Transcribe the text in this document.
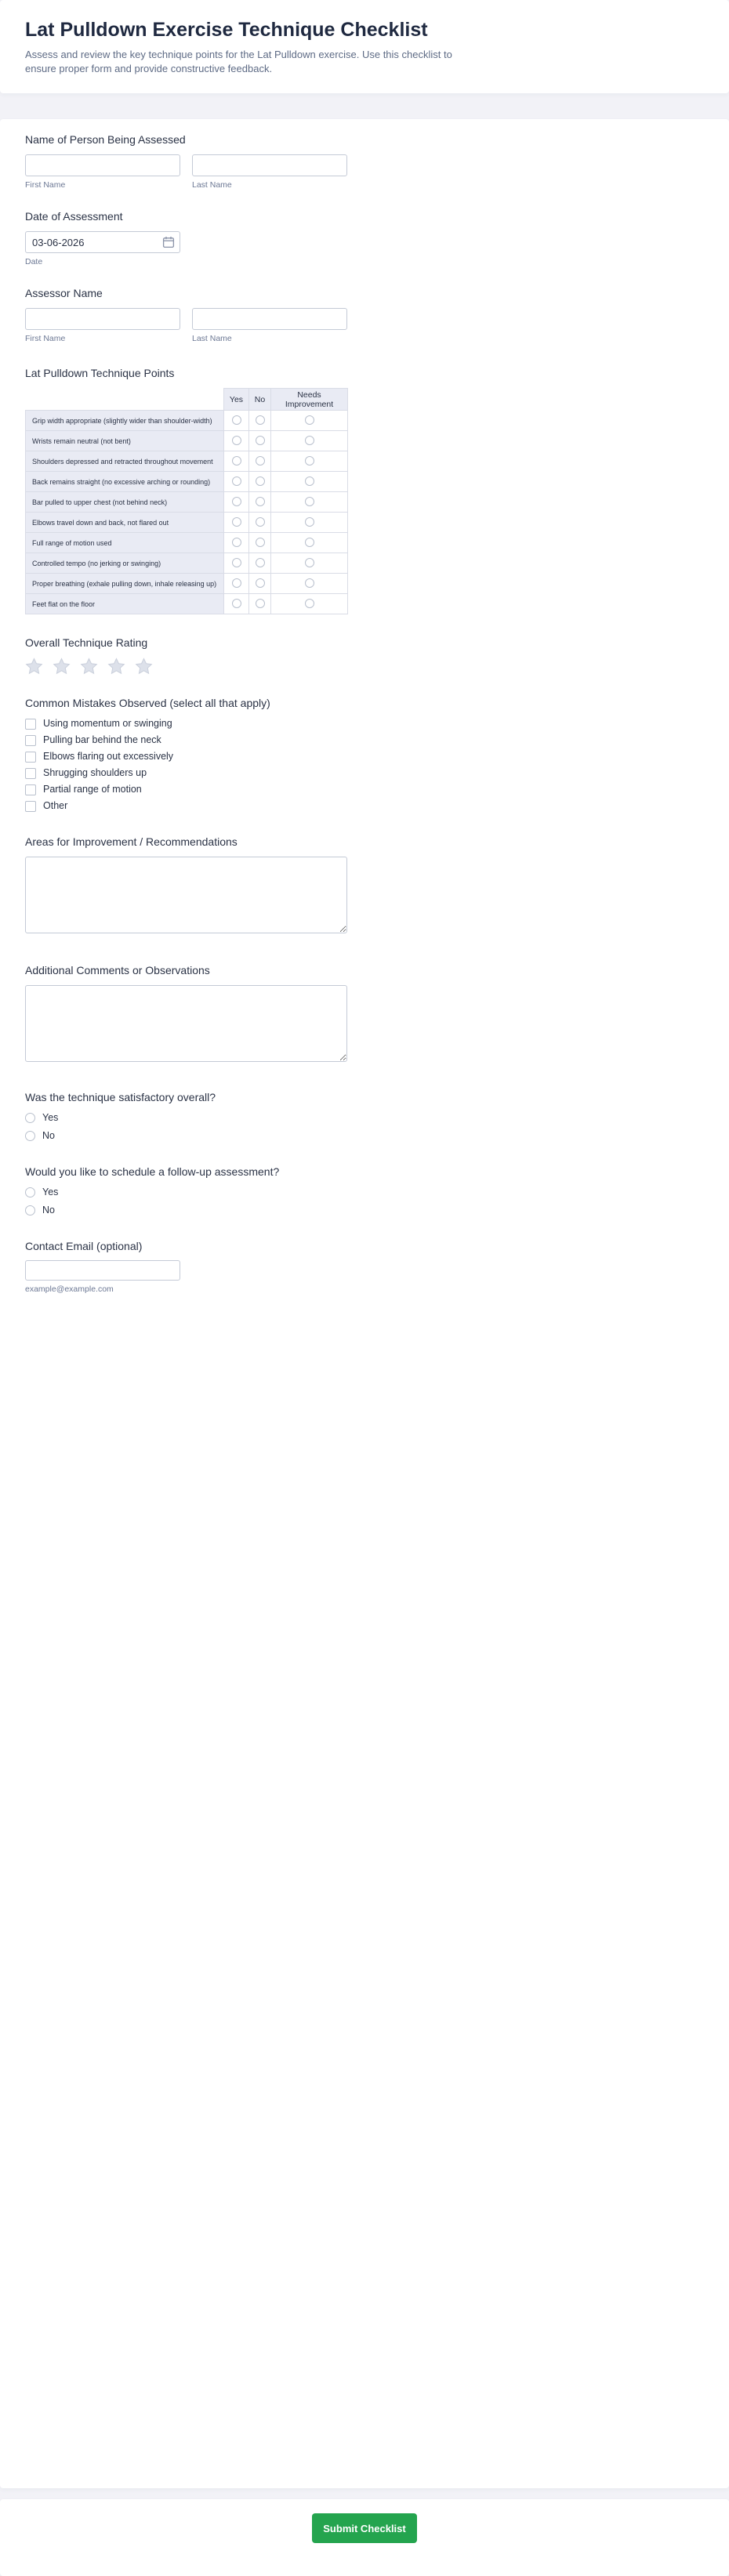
Lat Pulldown Exercise Technique Checklist

Assess and review the key technique points for the Lat Pulldown exercise. Use this checklist to ensure proper form and provide constructive feedback.

Name of Person Being Assessed
First Name	Last Name
Date of Assessment
03-06-2026
Date
Assessor Name
First Name	Last Name
Lat Pulldown Technique Points
	Yes	No	Needs Improvement
Grip width appropriate (slightly wider than shoulder-width)			
Wrists remain neutral (not bent)			
Shoulders depressed and retracted throughout movement			
Back remains straight (no excessive arching or rounding)			
Bar pulled to upper chest (not behind neck)			
Elbows travel down and back, not flared out			
Full range of motion used			
Controlled tempo (no jerking or swinging)			
Proper breathing (exhale pulling down, inhale releasing up)			
Feet flat on the floor			
Overall Technique Rating
Common Mistakes Observed (select all that apply)
Using momentum or swinging
Pulling bar behind the neck
Elbows flaring out excessively
Shrugging shoulders up
Partial range of motion
Other
Areas for Improvement / Recommendations
Additional Comments or Observations
Was the technique satisfactory overall?
Yes
No
Would you like to schedule a follow-up assessment?
Yes
No
Contact Email (optional)
example@example.com
Submit Checklist
